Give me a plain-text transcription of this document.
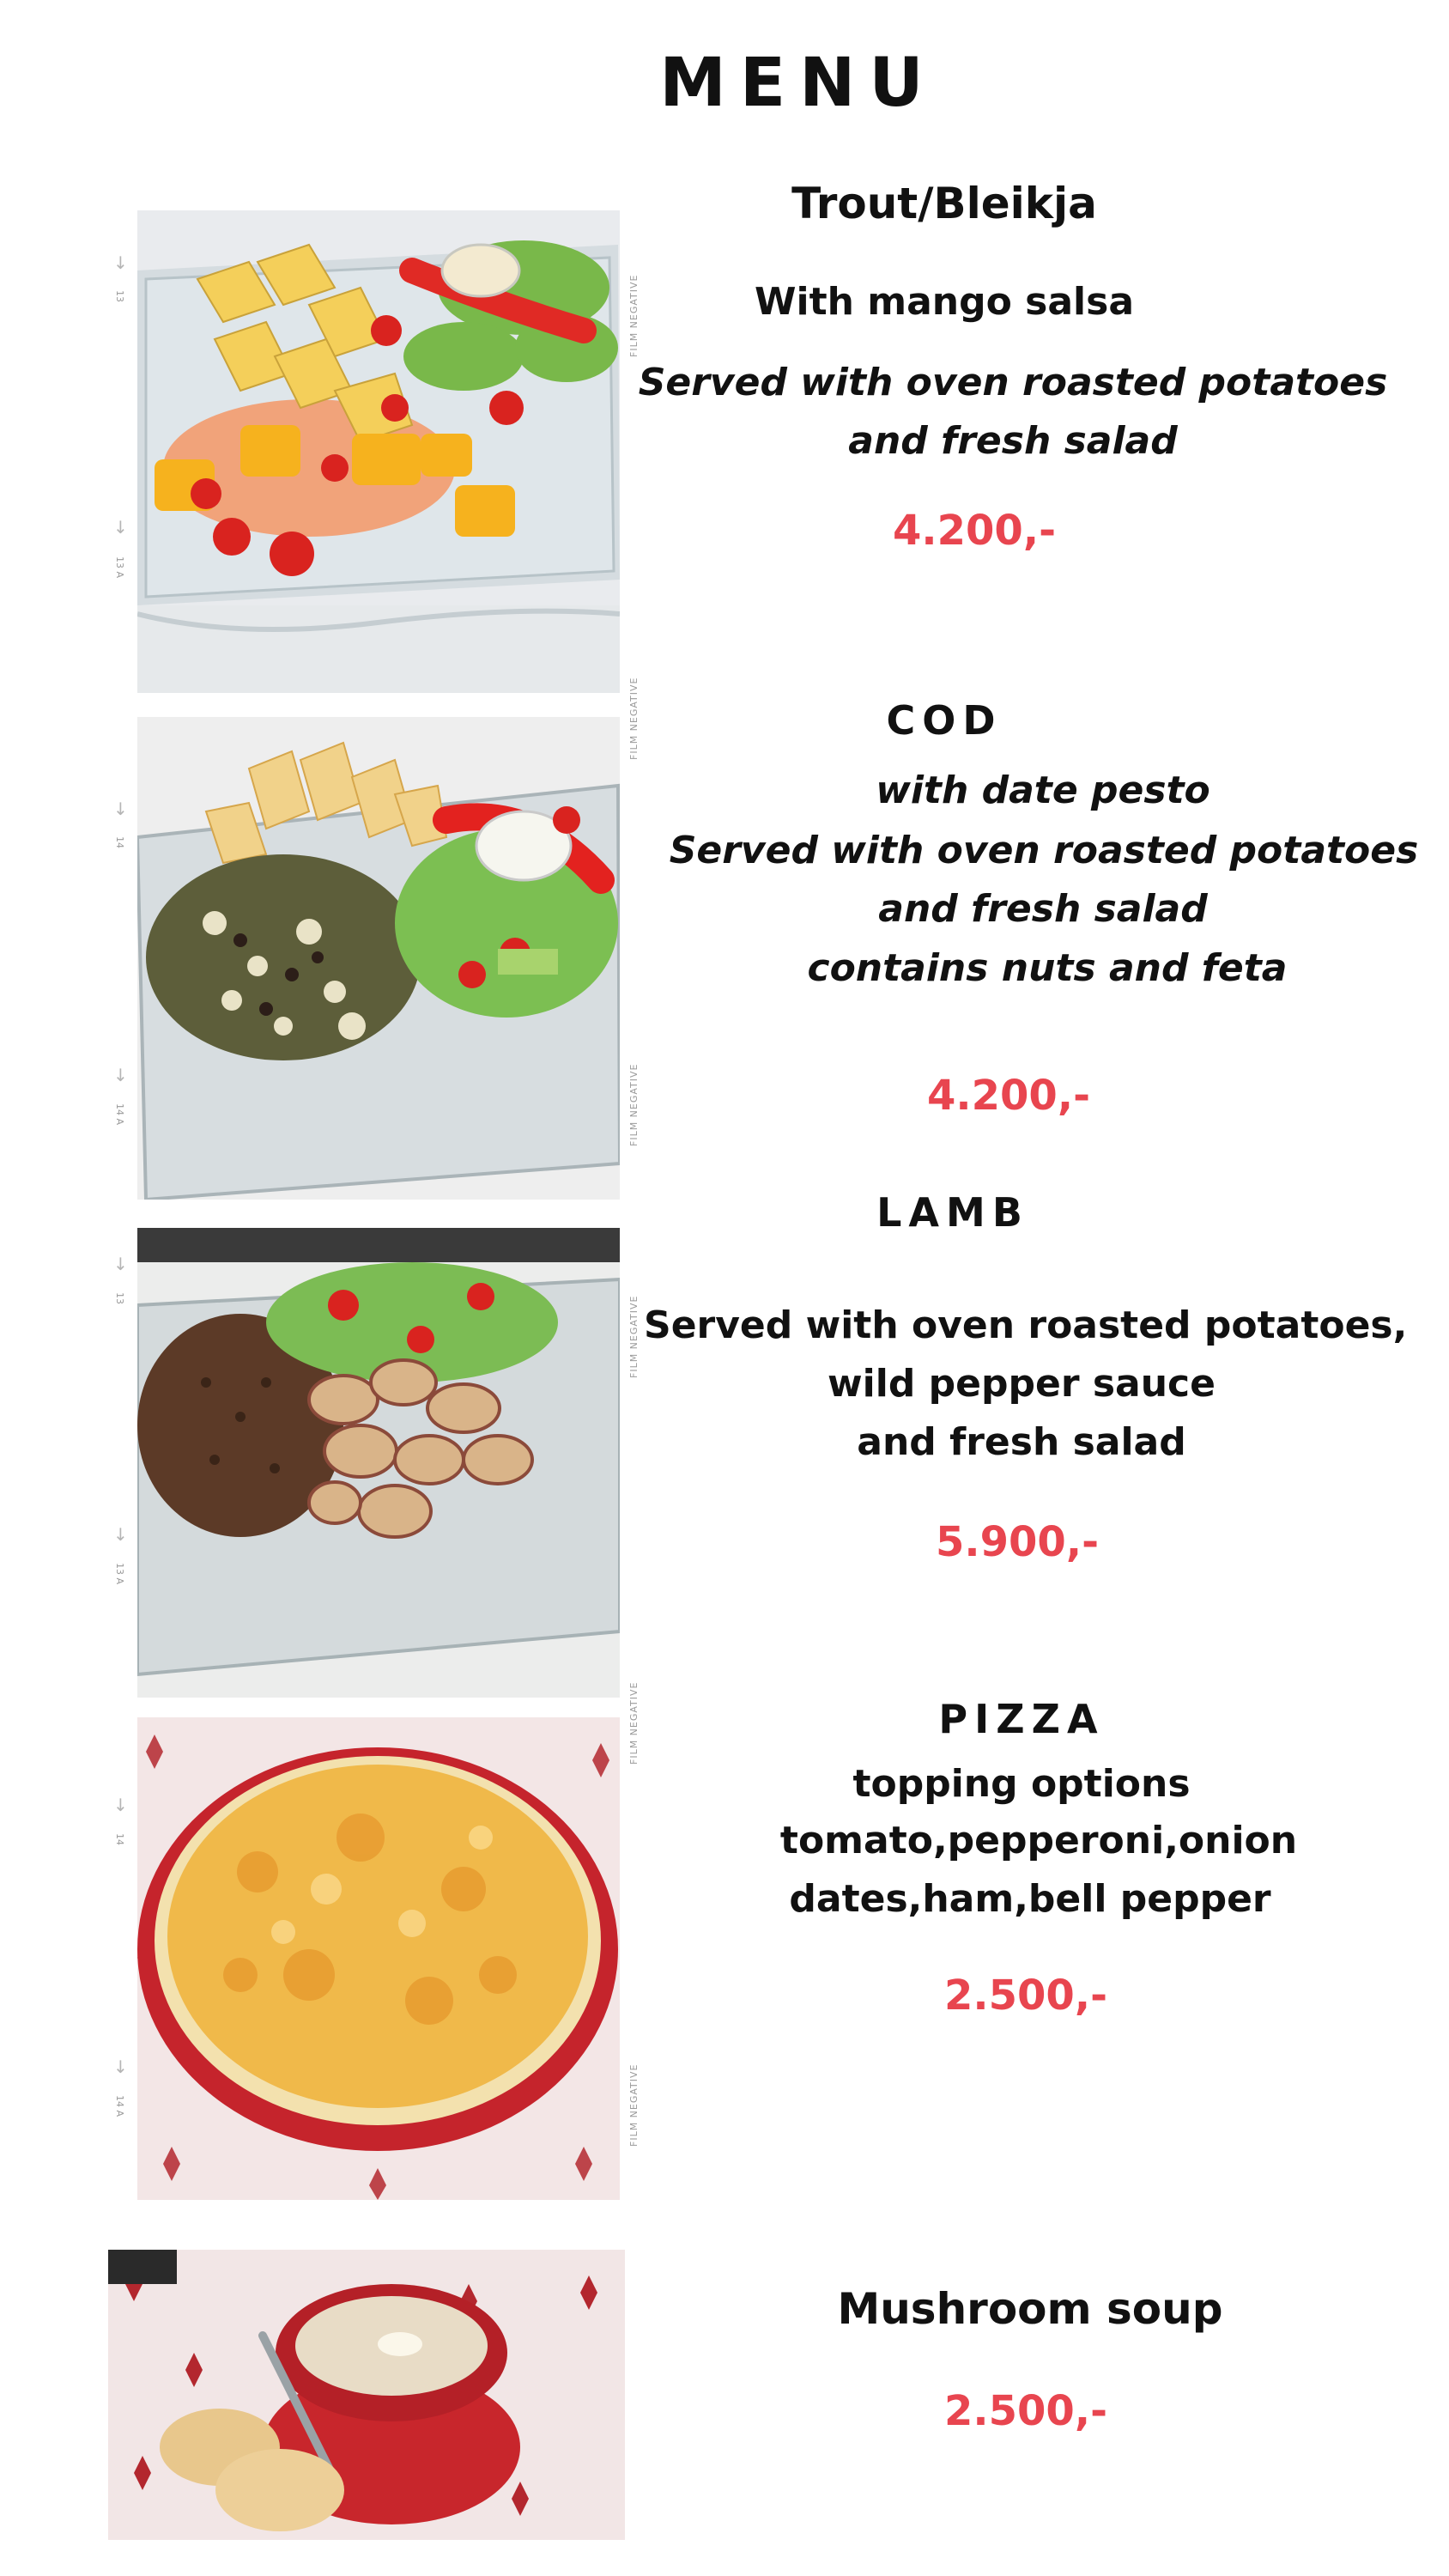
MENU
↓
13
↓
13 A
↓
14
↓
14 A
↓
13
↓
13 A
↓
14
↓
14 A
FILM NEGATIVE
FILM NEGATIVE
FILM NEGATIVE
FILM NEGATIVE
FILM NEGATIVE
FILM NEGATIVE
Trout/Bleikja
With mango salsa
Served with oven roasted potatoes
and fresh salad
4.200,-
COD
with date pesto
Served with oven roasted potatoes
and fresh salad
contains nuts and feta
4.200,-
LAMB
Served with oven roasted potatoes,
wild pepper sauce
and fresh salad
5.900,-
PIZZA
topping options
tomato,pepperoni,onion
dates,ham,bell pepper
2.500,-
Mushroom soup
2.500,-
